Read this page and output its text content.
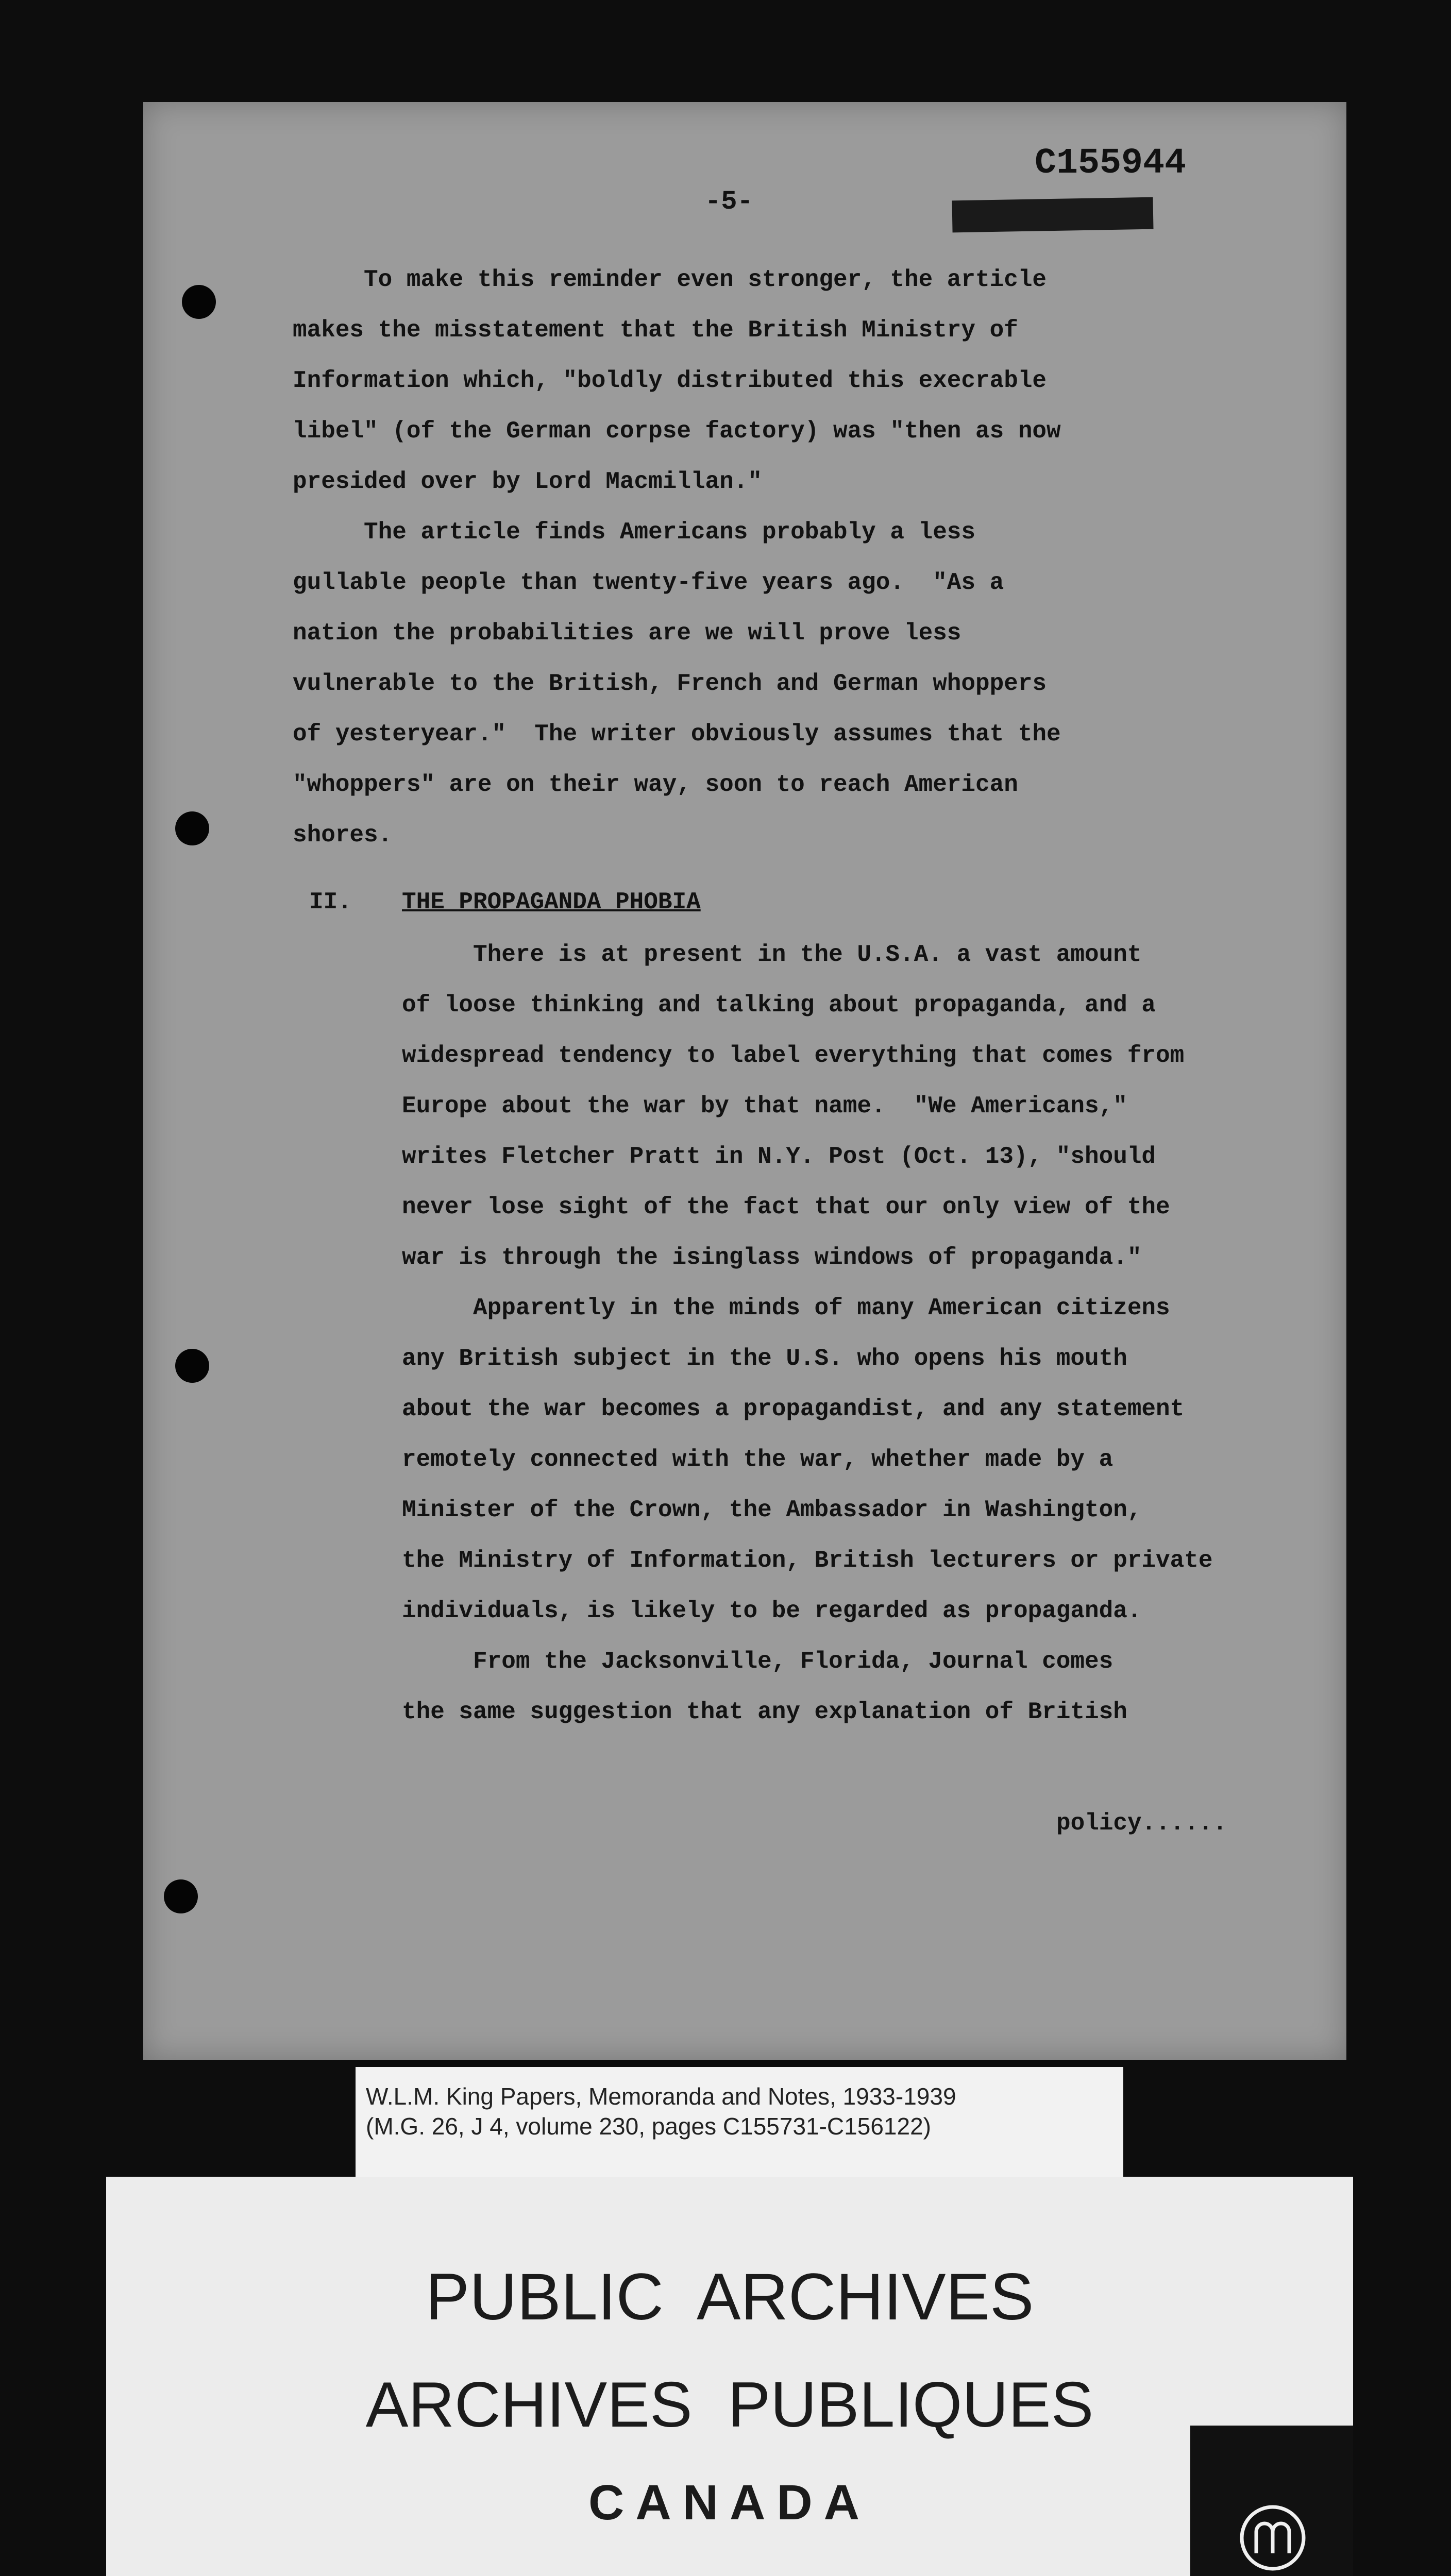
C155944
-5-
To make this reminder even stronger, the article
makes the misstatement that the British Ministry of
Information which, "boldly distributed this execrable
libel" (of the German corpse factory) was "then as now
presided over by Lord Macmillan."
The article finds Americans probably a less
gullable people than twenty-five years ago.  "As a
nation the probabilities are we will prove less
vulnerable to the British, French and German whoppers
of yesteryear."  The writer obviously assumes that the
"whoppers" are on their way, soon to reach American
shores.
II. THE PROPAGANDA PHOBIA
There is at present in the U.S.A. a vast amount
of loose thinking and talking about propaganda, and a
widespread tendency to label everything that comes from
Europe about the war by that name.  "We Americans,"
writes Fletcher Pratt in N.Y. Post (Oct. 13), "should
never lose sight of the fact that our only view of the
war is through the isinglass windows of propaganda."
Apparently in the minds of many American citizens
any British subject in the U.S. who opens his mouth
about the war becomes a propagandist, and any statement
remotely connected with the war, whether made by a
Minister of the Crown, the Ambassador in Washington,
the Ministry of Information, British lecturers or private
individuals, is likely to be regarded as propaganda.
From the Jacksonville, Florida, Journal comes
the same suggestion that any explanation of British
policy......
W.L.M. King Papers, Memoranda and Notes, 1933-1939
(M.G. 26, J 4, volume 230, pages C155731-C156122)
PUBLIC  ARCHIVES
ARCHIVES  PUBLIQUES
CANADA
